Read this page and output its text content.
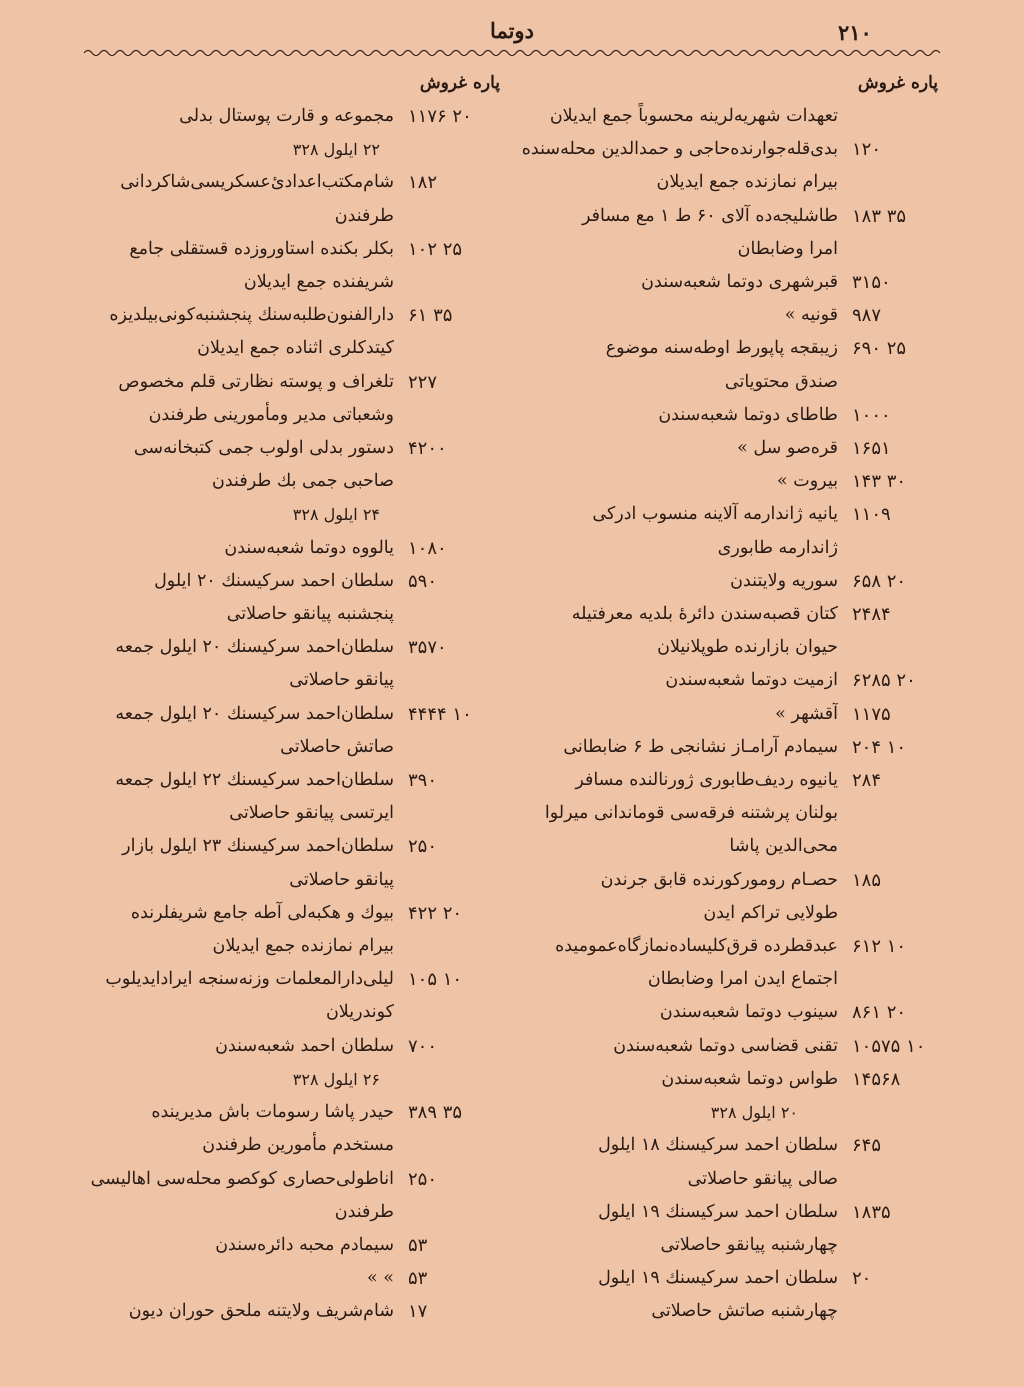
۲۱۰
دوتما
پاره غروش
تعهدات شهریه‌لرینه محسوباً جمع ایدیلان
۱۲۰
بدی‌قله‌جوارنده‌حاجی‌ و حمدالدین محله‌سنده
بیرام نمازنده جمع ایدیلان
۳۵ ۱۸۳
طاشلیجه‌ده آلای ۶۰ ط ۱ مع مسافر
امرا وضابطان
۳۱۵۰
قبرشهری دوتما شعبه‌سندن
۹۸۷
قونیه »
۲۵ ۶۹۰
زیبقجه پاپورط اوطه‌سنه موضوع
صندق محتویاتی
۱۰۰۰
طاطای دوتما شعبه‌سندن
۱۶۵۱
قره‌صو سل »
۳۰ ۱۴۳
بیروت »
۱۱۰۹
یانیه ژاندارمه آلاینه منسوب ادرکی
ژاندارمه طابوری
۲۰ ۶۵۸
سوریه ولایتندن
۲۴۸۴
کتان قصبه‌سندن دائرهٔ بلدیه معرفتیله
حیوان بازارنده طوپلانیلان
۲۰ ۶۲۸۵
ازمیت دوتما شعبه‌سندن
۱۱۷۵
آقشهر »
۱۰ ۲۰۴
سیمادم آرامـاز نشانجی ط ۶ ضابطانی
۲۸۴
یانیوه ردیف‌طابوری ژورنالنده مسافر
بولنان پرشتنه فرقه‌سی قوماندانی میرلوا
محی‌الدین پاشا
۱۸۵
حصـام روموركورنده قابق جرندن
طولایی تراکم ایدن
۱۰ ۶۱۲
عبدقطرده قرق‌کلیساده‌نمازگاه‌عمومیده
اجتماع ایدن امرا وضابطان
۲۰ ۸۶۱
سینوب دوتما شعبه‌سندن
۱۰ ۱۰۵۷۵
تقنی قضاسی دوتما شعبه‌سندن
۱۴۵۶۸
طواس دوتما شعبه‌سندن
۲۰ ایلول ۳۲۸
۶۴۵
سلطان احمد سرکیسنك ۱۸ ایلول
صالی پیانقو حاصلاتی
۱۸۳۵
سلطان احمد سرکیسنك ۱۹ ایلول
چهارشنبه پیانقو حاصلاتی
۲۰
سلطان احمد سرکیسنك ۱۹ ایلول
چهارشنبه صاتش حاصلاتی
پاره غروش
۲۰ ۱۱۷۶
مجموعه و قارت پوستال بدلی
۲۲ ایلول ۳۲۸
۱۸۲
شام‌مکتب‌اعدادی‌ٔ‌عسکریسی‌شاکردانی
طرفندن
۲۵ ۱۰۲
بکلر بکنده استاوروزده قستقلی جامع
شریفنده جمع ایدیلان
۳۵ ۶۱
دارالفنون‌طلبه‌سنك پنجشنبه‌کونی‌بیلدیزه
کیتدکلری اثناده جمع ایدیلان
۲۲۷
تلغراف و پوسته نظارتی قلم مخصوص
وشعباتی مدیر ومأمورینی طرفندن
۴۲۰۰
دستور بدلی اولوب جمی کتبخانه‌سی
صاحبی جمی بك طرفندن
۲۴ ایلول ۳۲۸
۱۰۸۰
یالووه دوتما شعبه‌سندن
۵۹۰
سلطان احمد سرکیسنك ۲۰ ایلول
پنجشنبه پیانقو حاصلاتی
۳۵۷۰
سلطان‌احمد سرکیسنك ۲۰ ایلول جمعه
پیانقو حاصلاتی
۱۰ ۴۴۴۴
سلطان‌احمد سرکیسنك ۲۰ ایلول جمعه
صاتش حاصلاتی
۳۹۰
سلطان‌احمد سرکیسنك ۲۲ ایلول جمعه
ایرتسی پیانقو حاصلاتی
۲۵۰
سلطان‌احمد سرکیسنك ۲۳ ایلول بازار
پیانقو حاصلاتی
۲۰ ۴۲۲
بیوك و هکبه‌لی آطه جامع شریفلرنده
بیرام نمازنده جمع ایدیلان
۱۰ ۱۰۵
لیلی‌دارالمعلمات وزنه‌سنجه ایرادایدیلوب
کوندریلان
۷۰۰
سلطان احمد شعبه‌سندن
۲۶ ایلول ۳۲۸
۳۵ ۳۸۹
حیدر پاشا رسومات باش مدیرینده
مستخدم مأمورین طرفندن
۲۵۰
اناطولی‌حصاری کوکصو محله‌سی اهالیسی
طرفندن
۵۳
سیمادم محبه دائره‌سندن
۵۳
» »
۱۷
شام‌شریف ولایتنه ملحق حوران دیون
